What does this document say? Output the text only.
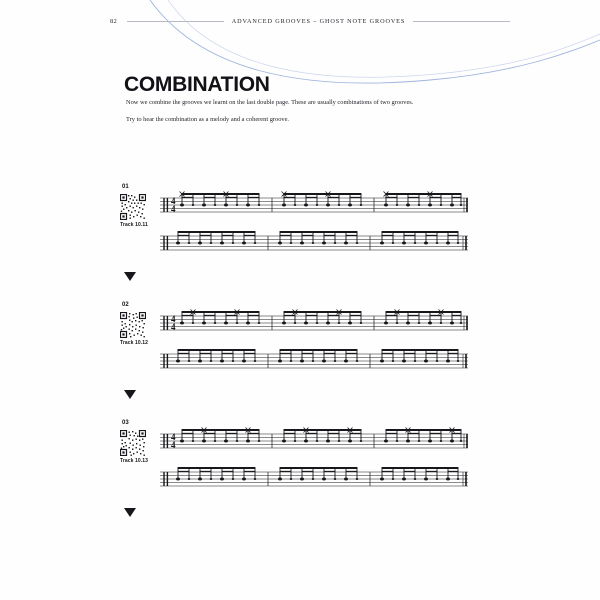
82	ADVANCED GROOVES – GHOST NOTE GROOVES
COMBINATION

Now we combine the grooves we learnt on the last double page. These are usually combinations of two grooves.

Try to hear the combination as a melody and a coherent groove.

01
Track 10.11
4
4
02
Track 10.12
4
4
03
Track 10.13
4
4
